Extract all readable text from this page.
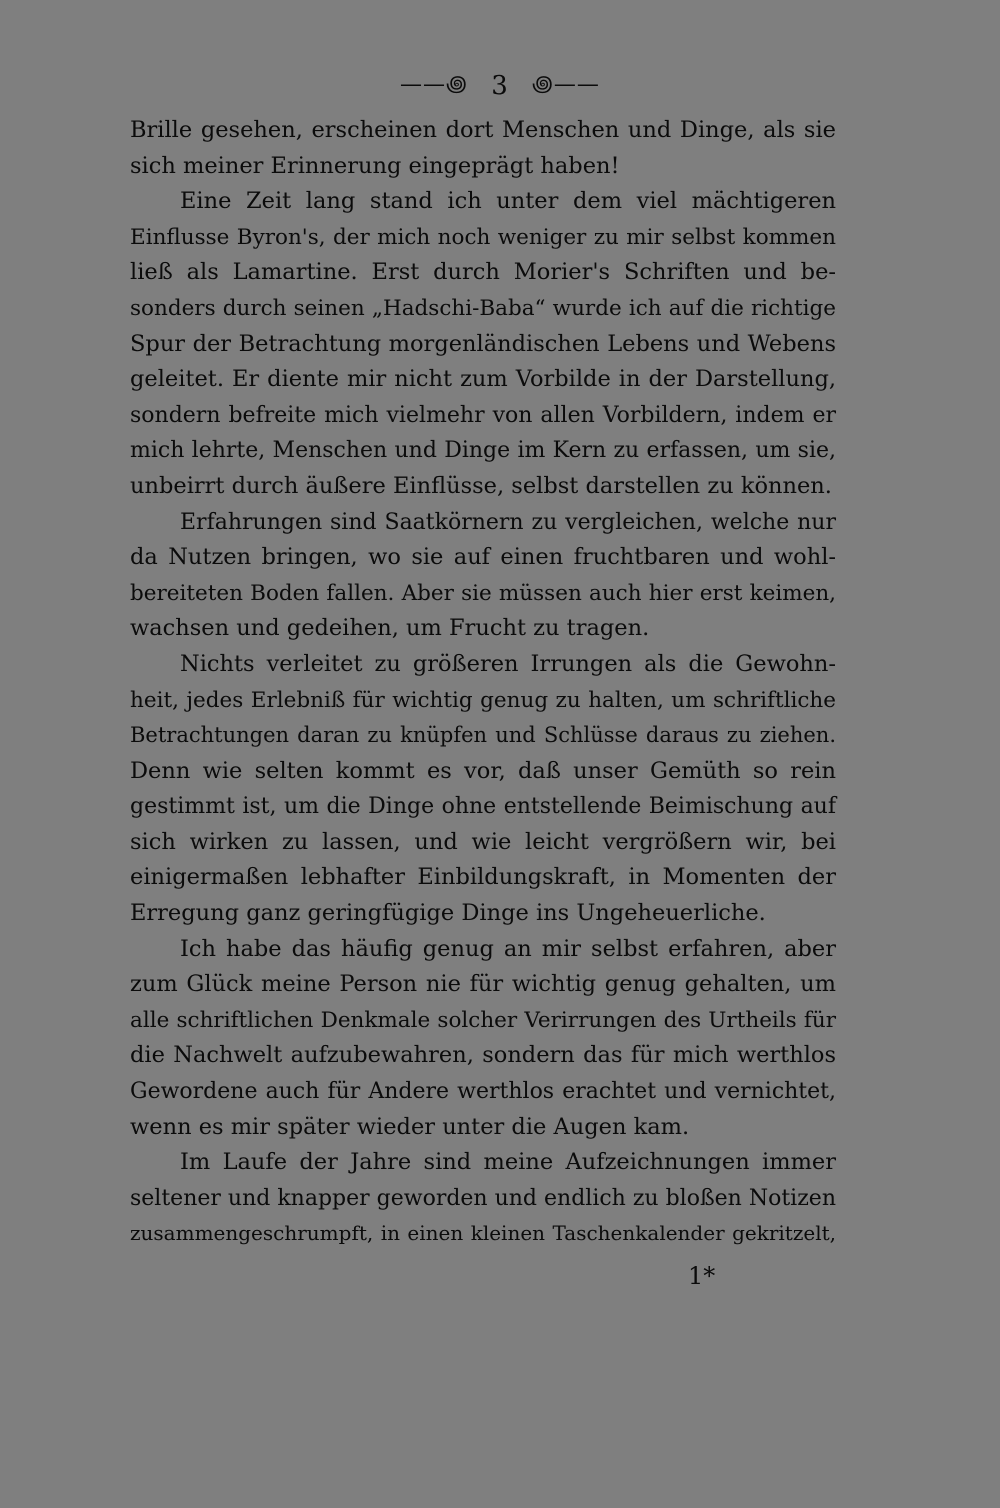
——꩜ 3 ꩜——
Brille gesehen, erscheinen dort Menschen und Dinge, als sie
sich meiner Erinnerung eingeprägt haben!
Eine Zeit lang stand ich unter dem viel mächtigeren
Einflusse Byron's, der mich noch weniger zu mir selbst kommen
ließ als Lamartine. Erst durch Morier's Schriften und be-
sonders durch seinen „Hadschi-Baba“ wurde ich auf die richtige
Spur der Betrachtung morgenländischen Lebens und Webens
geleitet. Er diente mir nicht zum Vorbilde in der Darstellung,
sondern befreite mich vielmehr von allen Vorbildern, indem er
mich lehrte, Menschen und Dinge im Kern zu erfassen, um sie,
unbeirrt durch äußere Einflüsse, selbst darstellen zu können.
Erfahrungen sind Saatkörnern zu vergleichen, welche nur
da Nutzen bringen, wo sie auf einen fruchtbaren und wohl-
bereiteten Boden fallen. Aber sie müssen auch hier erst keimen,
wachsen und gedeihen, um Frucht zu tragen.
Nichts verleitet zu größeren Irrungen als die Gewohn-
heit, jedes Erlebniß für wichtig genug zu halten, um schriftliche
Betrachtungen daran zu knüpfen und Schlüsse daraus zu ziehen.
Denn wie selten kommt es vor, daß unser Gemüth so rein
gestimmt ist, um die Dinge ohne entstellende Beimischung auf
sich wirken zu lassen, und wie leicht vergrößern wir, bei
einigermaßen lebhafter Einbildungskraft, in Momenten der
Erregung ganz geringfügige Dinge ins Ungeheuerliche.
Ich habe das häufig genug an mir selbst erfahren, aber
zum Glück meine Person nie für wichtig genug gehalten, um
alle schriftlichen Denkmale solcher Verirrungen des Urtheils für
die Nachwelt aufzubewahren, sondern das für mich werthlos
Gewordene auch für Andere werthlos erachtet und vernichtet,
wenn es mir später wieder unter die Augen kam.
Im Laufe der Jahre sind meine Aufzeichnungen immer
seltener und knapper geworden und endlich zu bloßen Notizen
zusammengeschrumpft, in einen kleinen Taschenkalender gekritzelt,
1*
